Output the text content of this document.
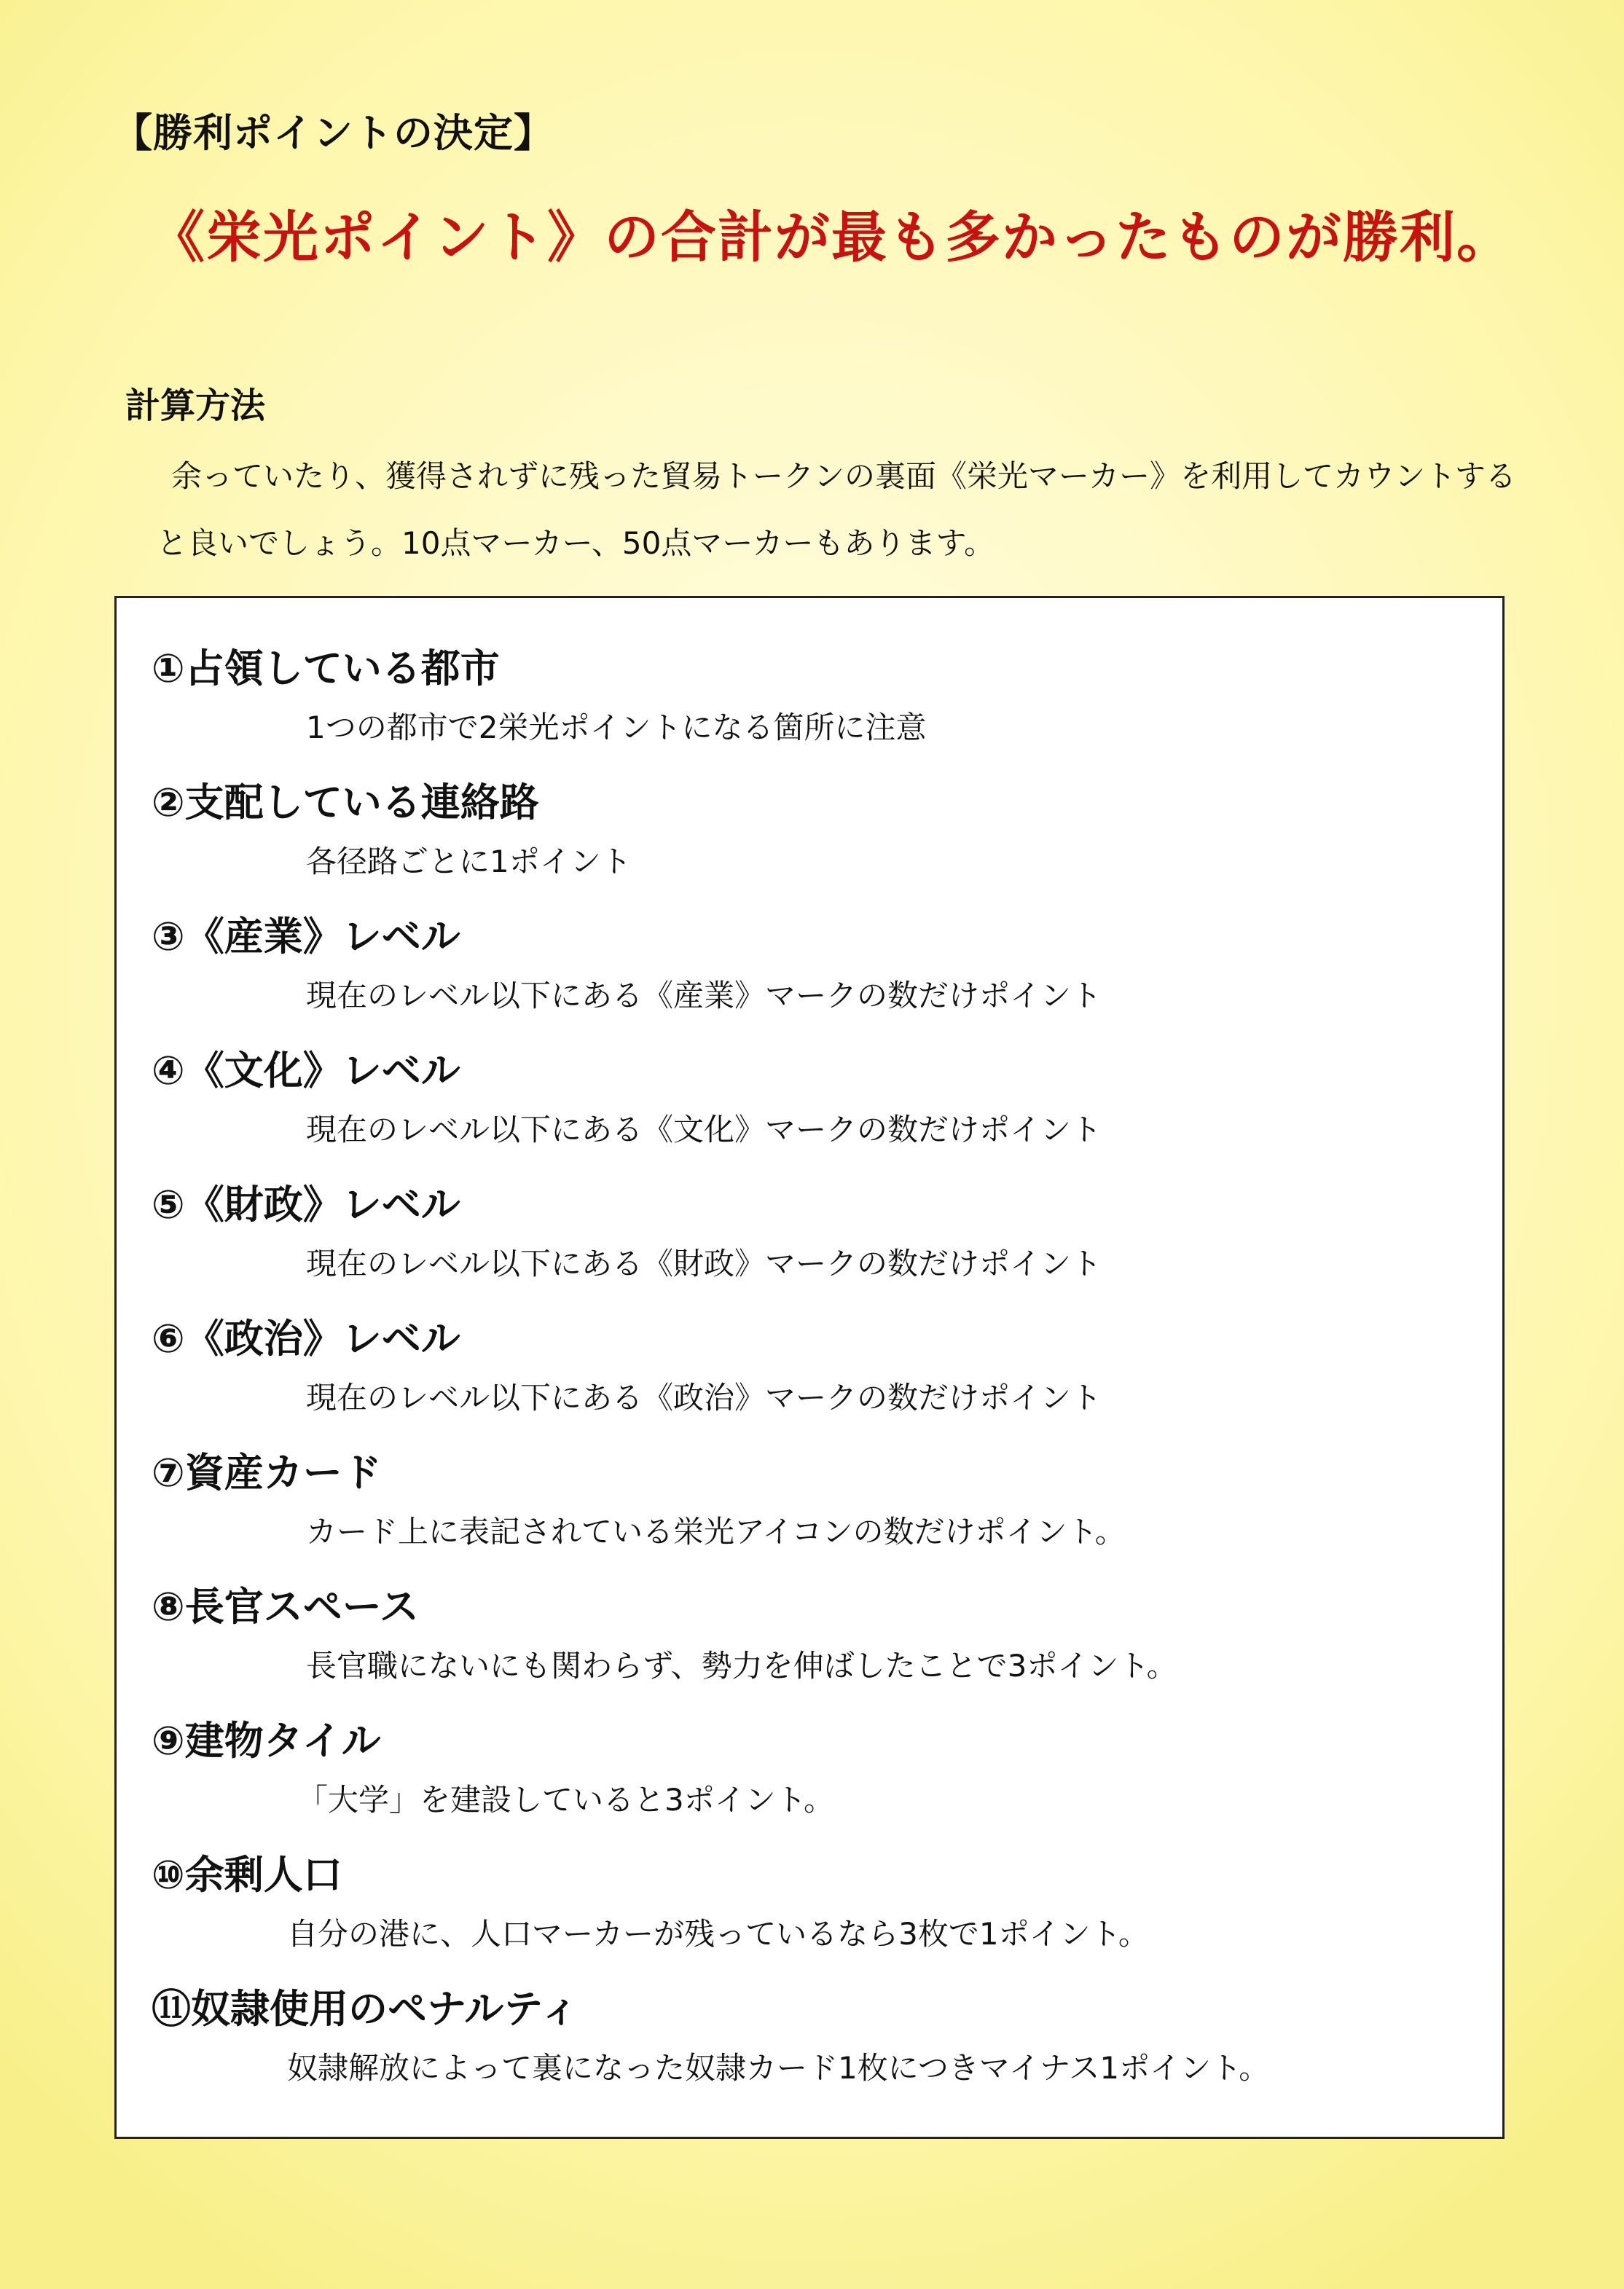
【勝利ポイントの決定】
《栄光ポイント》の合計が最も多かったものが勝利。
計算方法
余っていたり、獲得されずに残った貿易トークンの裏面《栄光マーカー》を利用してカウントする
と良いでしょう。10点マーカー、50点マーカーもあります。
①占領している都市
1つの都市で2栄光ポイントになる箇所に注意
②支配している連絡路
各径路ごとに1ポイント
③《産業》レベル
現在のレベル以下にある《産業》マークの数だけポイント
④《文化》レベル
現在のレベル以下にある《文化》マークの数だけポイント
⑤《財政》レベル
現在のレベル以下にある《財政》マークの数だけポイント
⑥《政治》レベル
現在のレベル以下にある《政治》マークの数だけポイント
⑦資産カード
カード上に表記されている栄光アイコンの数だけポイント。
⑧長官スペース
長官職にないにも関わらず、勢力を伸ばしたことで3ポイント。
⑨建物タイル
「大学」を建設していると3ポイント。
⑩余剰人口
自分の港に、人口マーカーが残っているなら3枚で1ポイント。
⑪奴隷使用のペナルティ
奴隷解放によって裏になった奴隷カード1枚につきマイナス1ポイント。
